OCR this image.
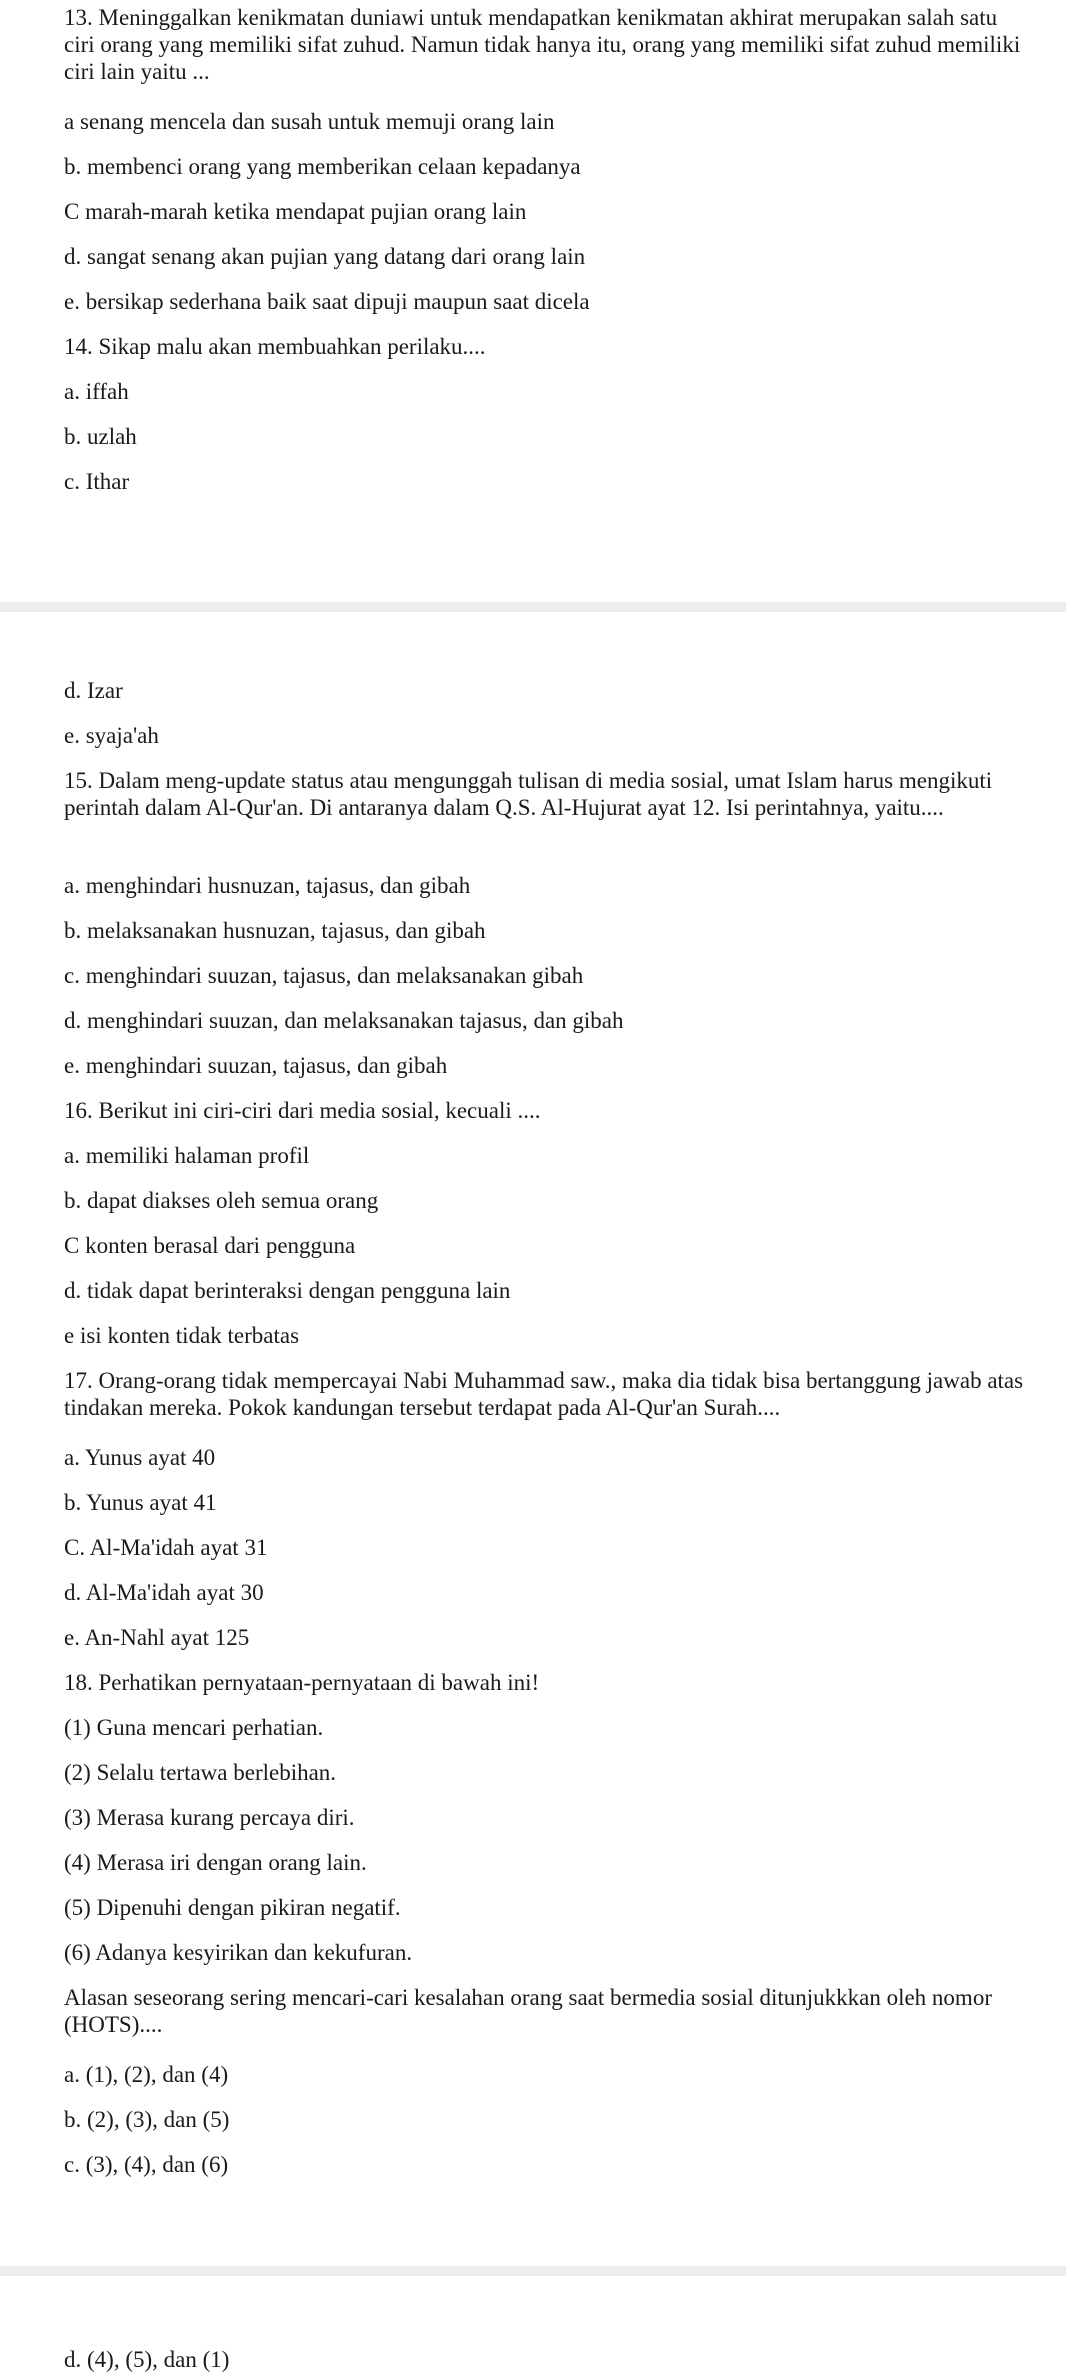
13. Meninggalkan kenikmatan duniawi untuk mendapatkan kenikmatan akhirat merupakan salah satu ciri orang yang memiliki sifat zuhud. Namun tidak hanya itu, orang yang memiliki sifat zuhud memiliki ciri lain yaitu ...
a senang mencela dan susah untuk memuji orang lain
b. membenci orang yang memberikan celaan kepadanya
C marah-marah ketika mendapat pujian orang lain
d. sangat senang akan pujian yang datang dari orang lain
e. bersikap sederhana baik saat dipuji maupun saat dicela
14. Sikap malu akan membuahkan perilaku....
a. iffah
b. uzlah
c. Ithar
d. Izar
e. syaja'ah
15. Dalam meng-update status atau mengunggah tulisan di media sosial, umat Islam harus mengikuti perintah dalam Al-Qur'an. Di antaranya dalam Q.S. Al-Hujurat ayat 12. Isi perintahnya, yaitu....
a. menghindari husnuzan, tajasus, dan gibah
b. melaksanakan husnuzan, tajasus, dan gibah
c. menghindari suuzan, tajasus, dan melaksanakan gibah
d. menghindari suuzan, dan melaksanakan tajasus, dan gibah
e. menghindari suuzan, tajasus, dan gibah
16. Berikut ini ciri-ciri dari media sosial, kecuali ....
a. memiliki halaman profil
b. dapat diakses oleh semua orang
C konten berasal dari pengguna
d. tidak dapat berinteraksi dengan pengguna lain
e isi konten tidak terbatas
17. Orang-orang tidak mempercayai Nabi Muhammad saw., maka dia tidak bisa bertanggung jawab atas tindakan mereka. Pokok kandungan tersebut terdapat pada Al-Qur'an Surah....
a. Yunus ayat 40
b. Yunus ayat 41
C. Al-Ma'idah ayat 31
d. Al-Ma'idah ayat 30
e. An-Nahl ayat 125
18. Perhatikan pernyataan-pernyataan di bawah ini!
(1) Guna mencari perhatian.
(2) Selalu tertawa berlebihan.
(3) Merasa kurang percaya diri.
(4) Merasa iri dengan orang lain.
(5) Dipenuhi dengan pikiran negatif.
(6) Adanya kesyirikan dan kekufuran.
Alasan seseorang sering mencari-cari kesalahan orang saat bermedia sosial ditunjukkkan oleh nomor (HOTS)....
a. (1), (2), dan (4)
b. (2), (3), dan (5)
c. (3), (4), dan (6)
d. (4), (5), dan (1)
